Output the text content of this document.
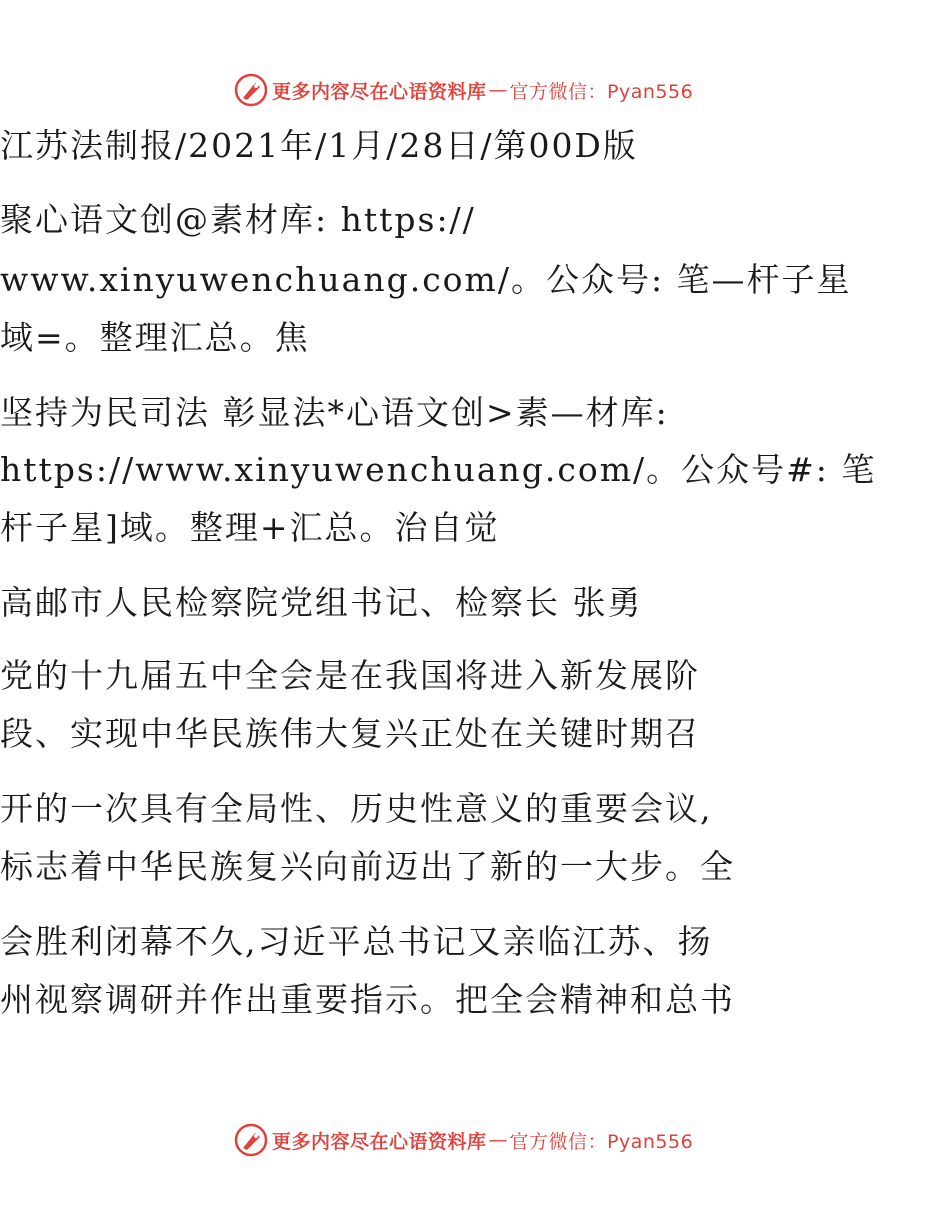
更多内容尽在心语资料库 — 官方微信：Pyan556
江苏法制报/2021年/1月/28日/第00D版
聚心语文创@素材库: https://
www.xinyuwenchuang.com/。公众号: 笔—杆子星
域=。整理汇总。焦
坚持为民司法 彰显法*心语文创>素—材库:
https://www.xinyuwenchuang.com/。公众号#: 笔
杆子星]域。整理+汇总。治自觉
高邮市人民检察院党组书记、检察长 张勇
党的十九届五中全会是在我国将进入新发展阶
段、实现中华民族伟大复兴正处在关键时期召
开的一次具有全局性、历史性意义的重要会议,
标志着中华民族复兴向前迈出了新的一大步。全
会胜利闭幕不久,习近平总书记又亲临江苏、扬
州视察调研并作出重要指示。把全会精神和总书
更多内容尽在心语资料库 — 官方微信：Pyan556
